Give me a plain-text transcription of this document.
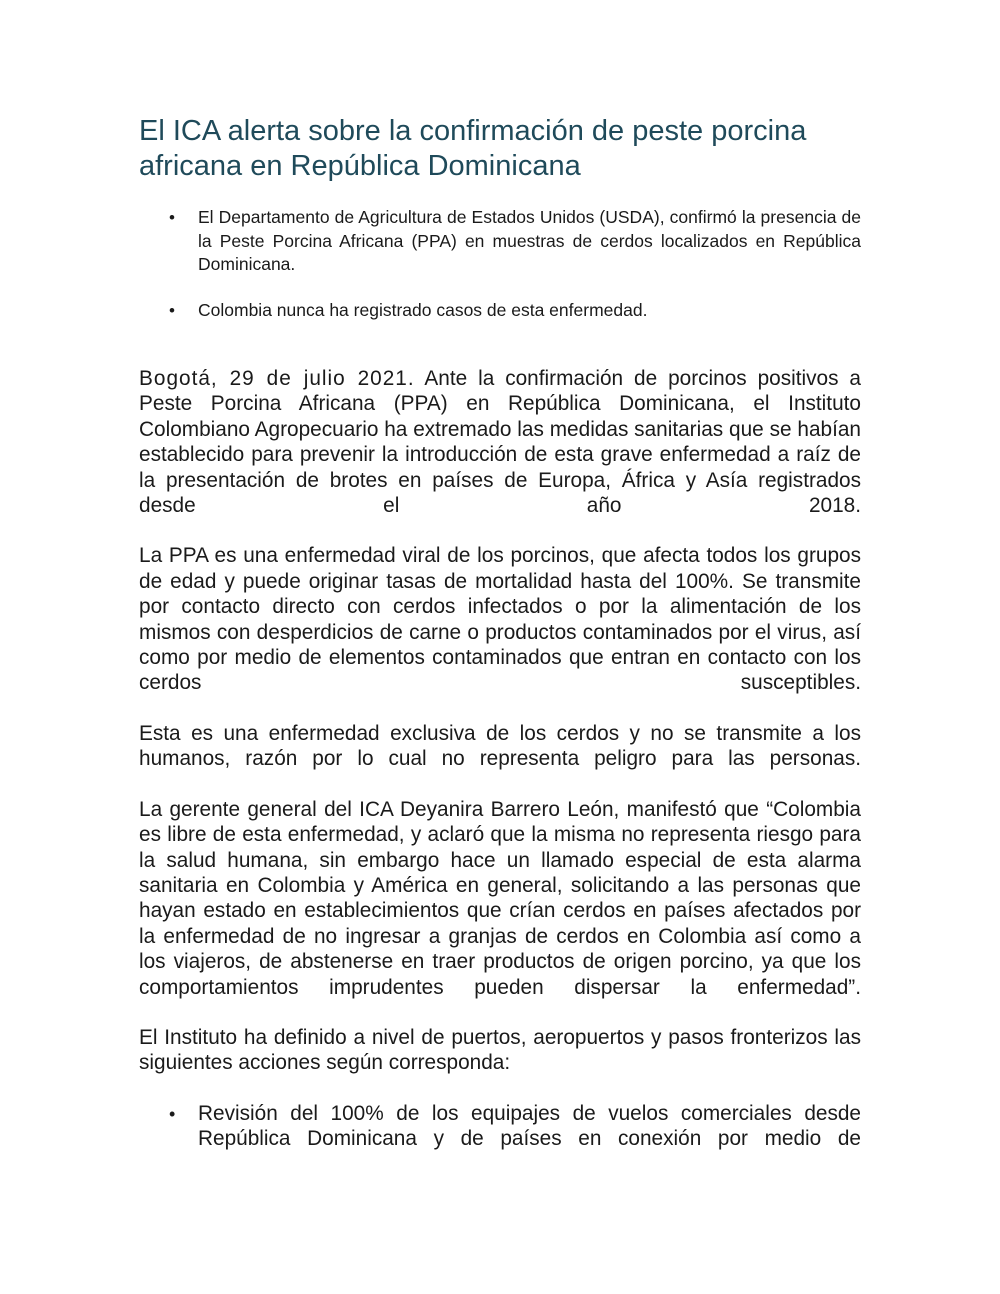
El ICA alerta sobre la confirmación de peste porcina africana en República Dominicana
• El Departamento de Agricultura de Estados Unidos (USDA), confirmó la presencia de la Peste Porcina Africana (PPA) en muestras de cerdos localizados en República Dominicana.
• Colombia nunca ha registrado casos de esta enfermedad.

Bogotá, 29 de julio 2021. Ante la confirmación de porcinos positivos a Peste Porcina Africana (PPA) en República Dominicana, el Instituto Colombiano Agropecuario ha extremado las medidas sanitarias que se habían establecido para prevenir la introducción de esta grave enfermedad a raíz de la presentación de brotes en países de Europa, África y Asía registrados desde el año 2018.

La PPA es una enfermedad viral de los porcinos, que afecta todos los grupos de edad y puede originar tasas de mortalidad hasta del 100%. Se transmite por contacto directo con cerdos infectados o por la alimentación de los mismos con desperdicios de carne o productos contaminados por el virus, así como por medio de elementos contaminados que entran en contacto con los cerdos susceptibles.

Esta es una enfermedad exclusiva de los cerdos y no se transmite a los humanos, razón por lo cual no representa peligro para las personas.

La gerente general del ICA Deyanira Barrero León, manifestó que “Colombia es libre de esta enfermedad, y aclaró que la misma no representa riesgo para la salud humana, sin embargo hace un llamado especial de esta alarma sanitaria en Colombia y América en general, solicitando a las personas que hayan estado en establecimientos que crían cerdos en países afectados por la enfermedad de no ingresar a granjas de cerdos en Colombia así como a los viajeros, de abstenerse en traer productos de origen porcino, ya que los comportamientos imprudentes pueden dispersar la enfermedad”.

El Instituto ha definido a nivel de puertos, aeropuertos y pasos fronterizos las siguientes acciones según corresponda:

• Revisión del 100% de los equipajes de vuelos comerciales desde República Dominicana y de países en conexión por medio de
